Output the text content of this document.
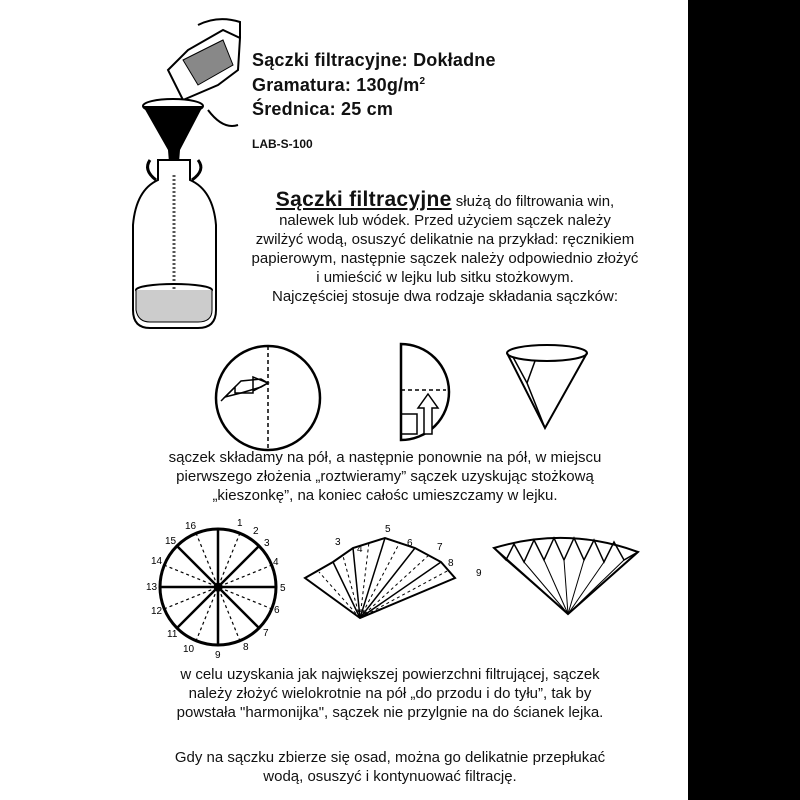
Sączki filtracyjne: Dokładne
Gramatura: $130g/m^2$
Średnica: 25 cm
LAB-S-100
Sączki filtracyjne służą do filtrowania win,
nalewek lub wódek. Przed użyciem sączek należy
zwilżyć wodą, osuszyć delikatnie na przykład: ręcznikiem
papierowym, następnie sączek należy odpowiednio złożyć
i umieścić w lejku lub sitku stożkowym.
Najczęściej stosuje dwa rodzaje składania sączków:
sączek składamy na pół, a następnie ponownie na pół, w miejscu
pierwszego złożenia „roztwieramy” sączek uzyskując stożkową
„kieszonkę”, na koniec całośc umieszczamy w lejku.
1
2
3
4
5
6
7
8
9
10
11
12
13
14
15
16
3
4
5
6 7
8
9
w celu uzyskania jak największej powierzchni filtrującej, sączek
należy złożyć wielokrotnie na pół „do przodu i do tyłu”, tak by
powstała "harmonijka", sączek nie przylgnie na do ścianek lejka.
Gdy na sączku zbierze się osad, można go delikatnie przepłukać
wodą, osuszyć i kontynuować filtrację.
